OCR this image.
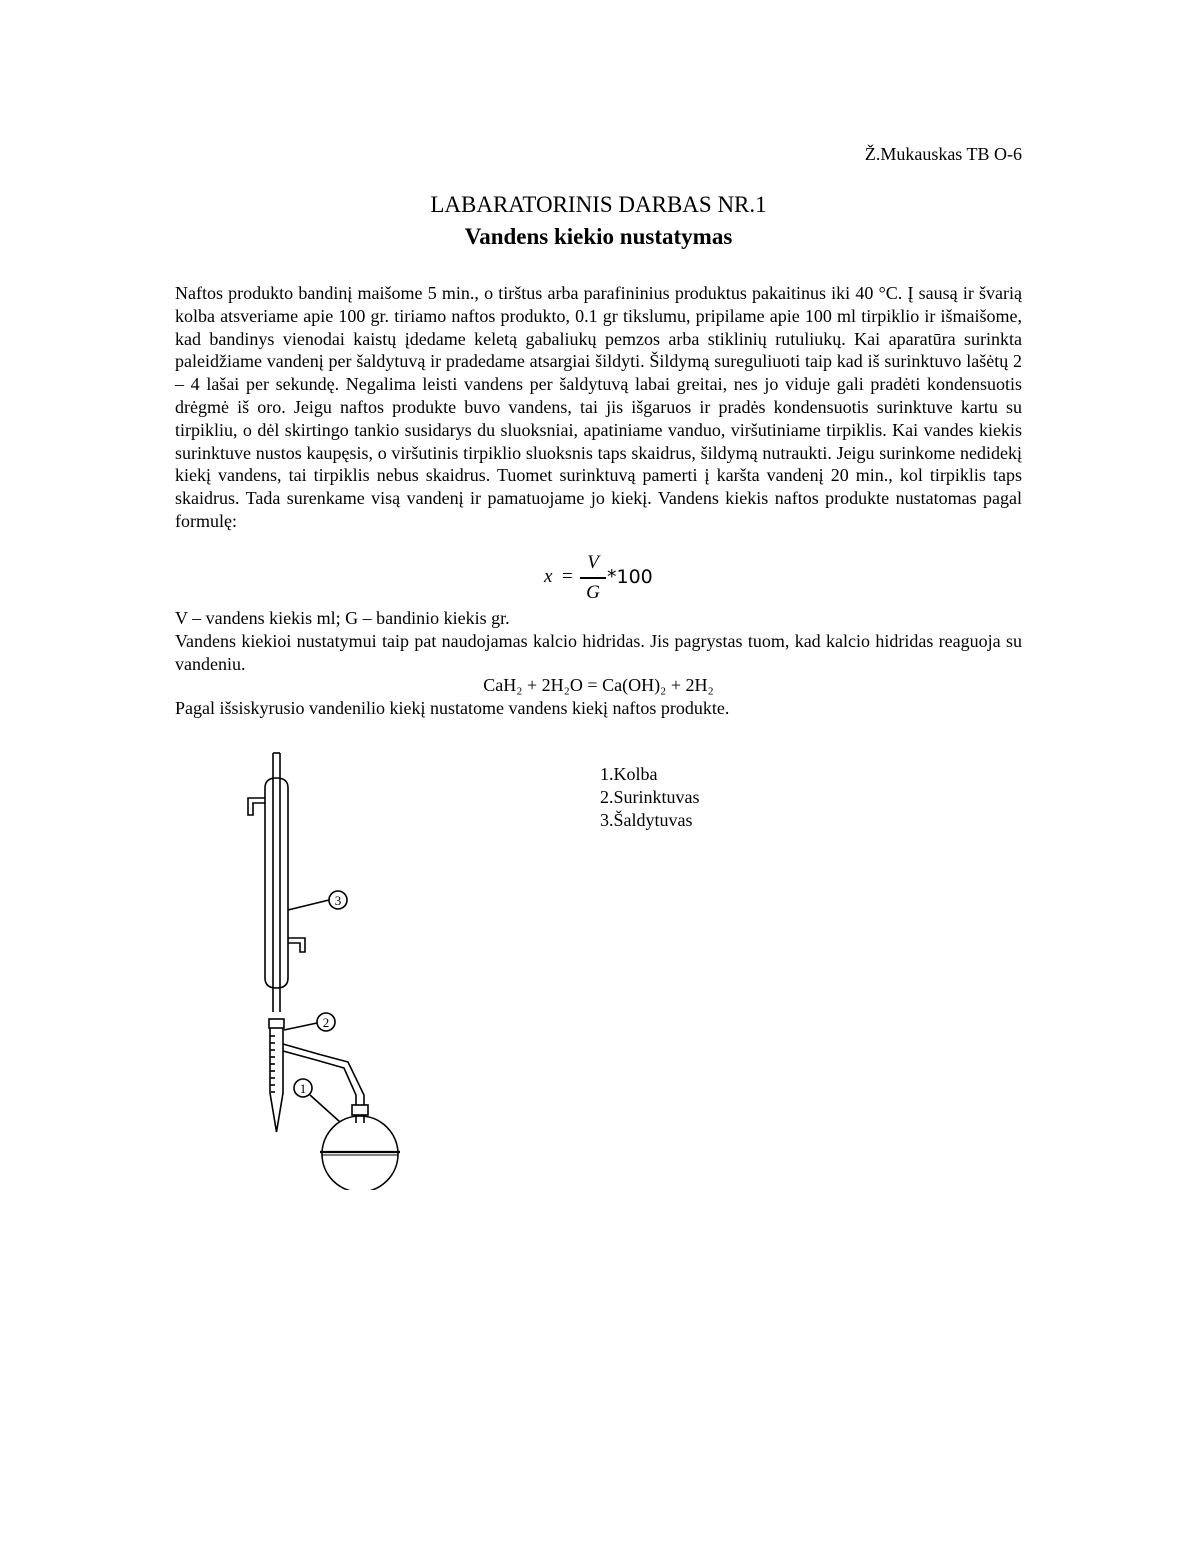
Ž.Mukauskas TB O-6
LABARATORINIS DARBAS NR.1
Vandens kiekio nustatymas

Naftos produkto bandinį maišome 5 min., o tirštus arba parafininius produktus pakaitinus iki 40 °C. Į sausą ir švarią kolba atsveriame apie 100 gr. tiriamo naftos produkto, 0.1 gr tikslumu, pripilame apie 100 ml tirpiklio ir išmaišome, kad bandinys vienodai kaistų įdedame keletą gabaliukų pemzos arba stiklinių rutuliukų. Kai aparatūra surinkta paleidžiame vandenį per šaldytuvą ir pradedame atsargiai šildyti. Šildymą sureguliuoti taip kad iš surinktuvo lašėtų 2 – 4 lašai per sekundę. Negalima leisti vandens per šaldytuvą labai greitai, nes jo viduje gali pradėti kondensuotis drėgmė iš oro. Jeigu naftos produkte buvo vandens, tai jis išgaruos ir pradės kondensuotis surinktuve kartu su tirpikliu, o dėl skirtingo tankio susidarys du sluoksniai, apatiniame vanduo, viršutiniame tirpiklis. Kai vandes kiekis surinktuve nustos kaupęsis, o viršutinis tirpiklio sluoksnis taps skaidrus, šildymą nutraukti. Jeigu surinkome nedidekį kiekį vandens, tai tirpiklis nebus skaidrus. Tuomet surinktuvą pamerti į karšta vandenį 20 min., kol tirpiklis taps skaidrus. Tada surenkame visą vandenį ir pamatuojame jo kiekį. Vandens kiekis naftos produkte nustatomas pagal formulę:

x =
V
G
*100
V – vandens kiekis ml; G – bandinio kiekis gr.
Vandens kiekioi nustatymui taip pat naudojamas kalcio hidridas. Jis pagrystas tuom, kad kalcio hidridas reaguoja su vandeniu.
CaH₂ + 2H₂O = Ca(OH)₂ + 2H₂
Pagal išsiskyrusio vandenilio kiekį nustatome vandens kiekį naftos produkte.
3
2
1
1.Kolba
2.Surinktuvas
3.Šaldytuvas
